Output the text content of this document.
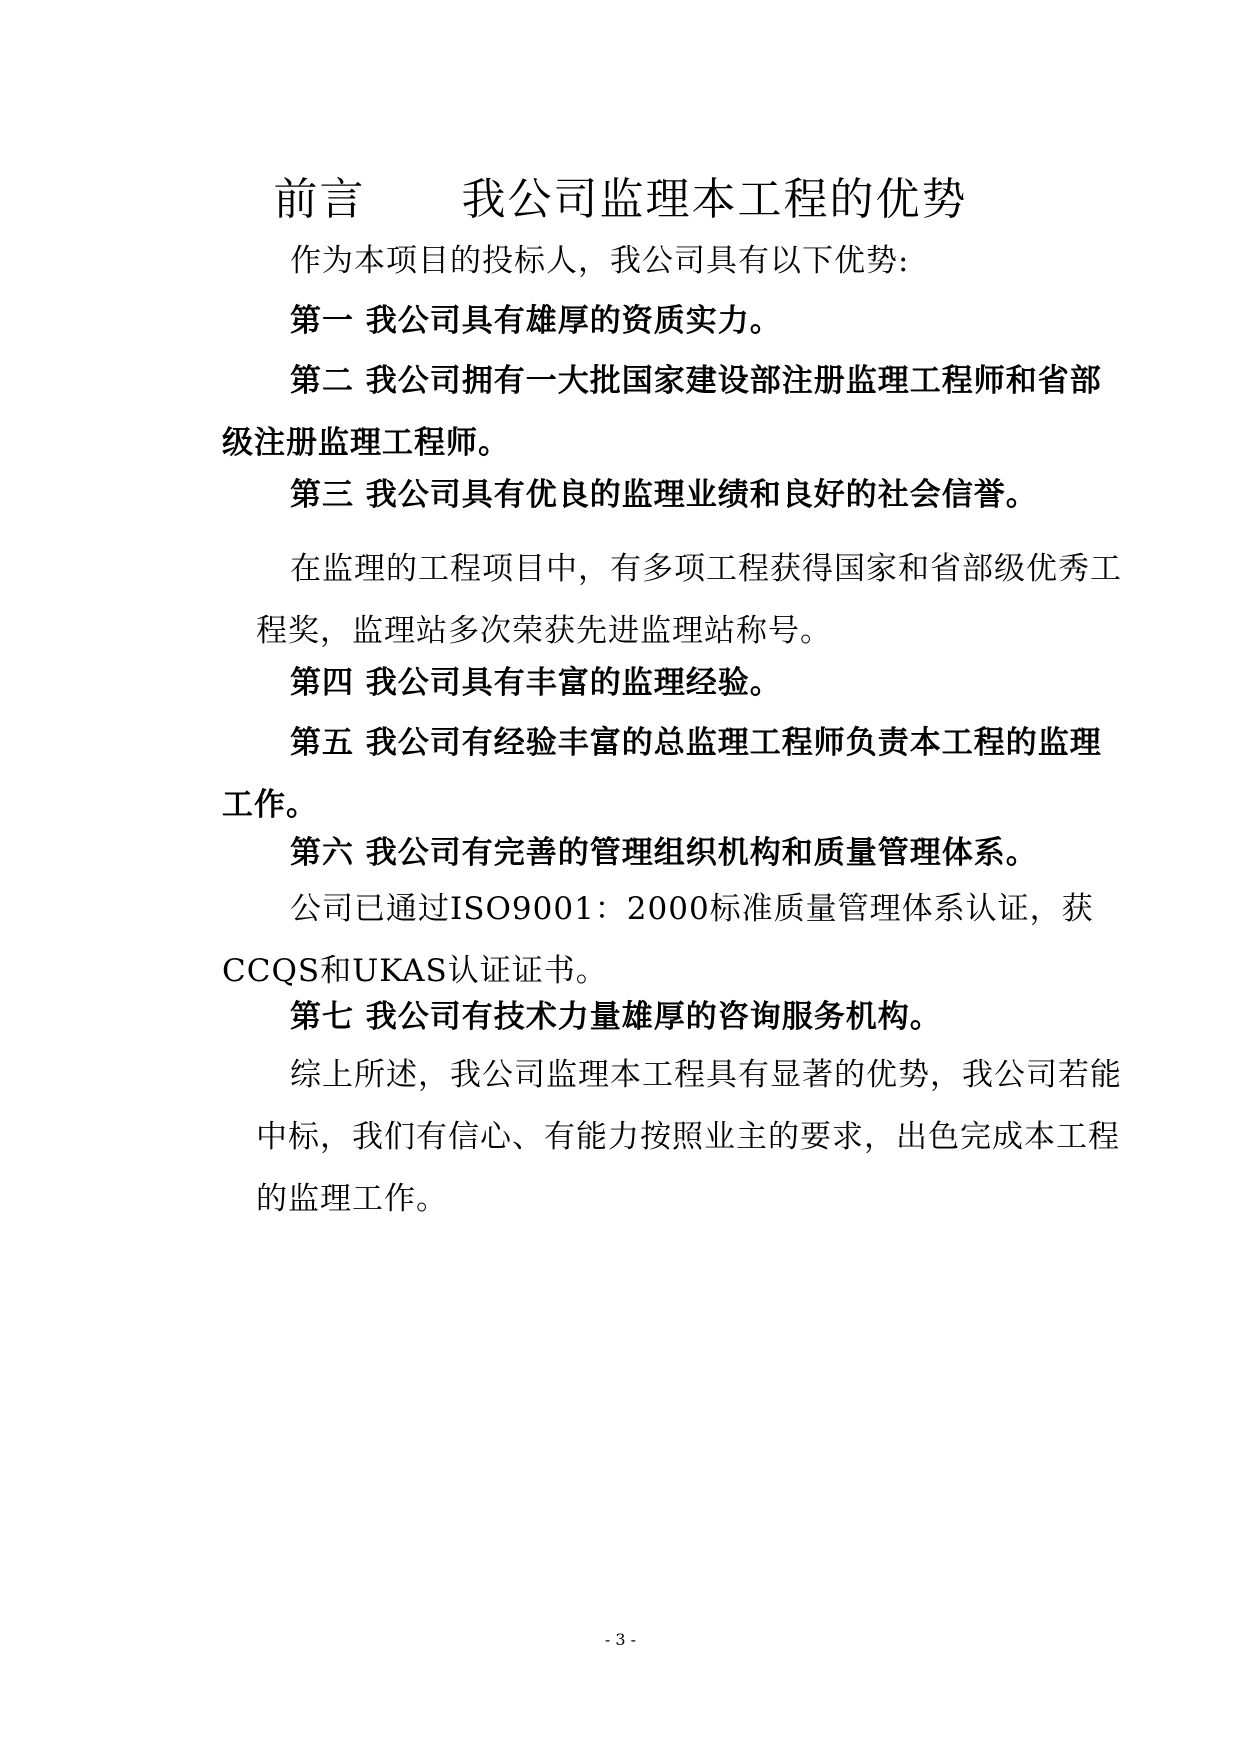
前言      我公司监理本工程的优势
作为本项目的投标人，我公司具有以下优势:
第一 我公司具有雄厚的资质实力。
第二 我公司拥有一大批国家建设部注册监理工程师和省部级注册监理工程师。
第三 我公司具有优良的监理业绩和良好的社会信誉。
在监理的工程项目中，有多项工程获得国家和省部级优秀工程奖，监理站多次荣获先进监理站称号。
第四 我公司具有丰富的监理经验。
第五 我公司有经验丰富的总监理工程师负责本工程的监理工作。
第六 我公司有完善的管理组织机构和质量管理体系。
公司已通过ISO9001：2000标准质量管理体系认证，获CCQS和UKAS认证证书。
第七 我公司有技术力量雄厚的咨询服务机构。
综上所述，我公司监理本工程具有显著的优势，我公司若能中标，我们有信心、有能力按照业主的要求，出色完成本工程的监理工作。
- 3 -
